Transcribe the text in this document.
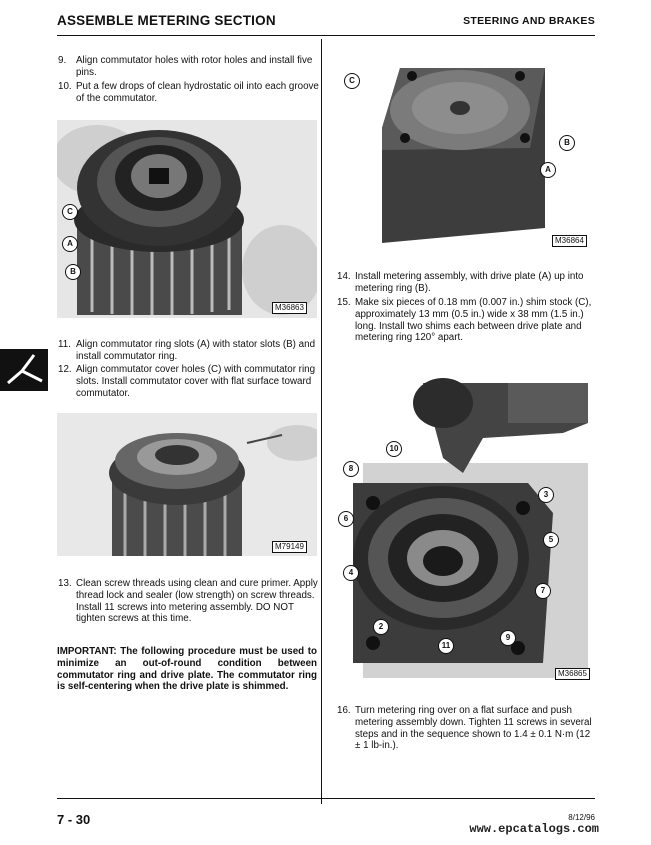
ASSEMBLE METERING SECTION	STEERING AND BRAKES
9. Align commutator holes with rotor holes and install five pins.
10. Put a few drops of clean hydrostatic oil into each groove of the commutator.
C
A
B
M36863
11. Align commutator ring slots (A) with stator slots (B) and install commutator ring.
12. Align commutator cover holes (C) with commutator ring slots. Install commutator cover with flat surface toward commutator.
M79149
13. Clean screw threads using clean and cure primer. Apply thread lock and sealer (low strength) on screw threads. Install 11 screws into metering assembly. DO NOT tighten screws at this time.
IMPORTANT: The following procedure must be used to minimize an out-of-round condition between commutator ring and drive plate. The commutator ring is self-centering when the drive plate is shimmed.
C
B
A
M36864
14. Install metering assembly, with drive plate (A) up into metering ring (B).
15. Make six pieces of 0.18 mm (0.007 in.) shim stock (C), approximately 13 mm (0.5 in.) wide x 38 mm (1.5 in.) long. Install two shims each between drive plate and metering ring 120° apart.
10
8
3
6
5
4
7
2
9
11
M36865
16. Turn metering ring over on a flat surface and push metering assembly down. Tighten 11 screws in several steps and in the sequence shown to 1.4 ± 0.1 N·m (12 ± 1 lb-in.).
7 - 30	8/12/96
www.epcatalogs.com
